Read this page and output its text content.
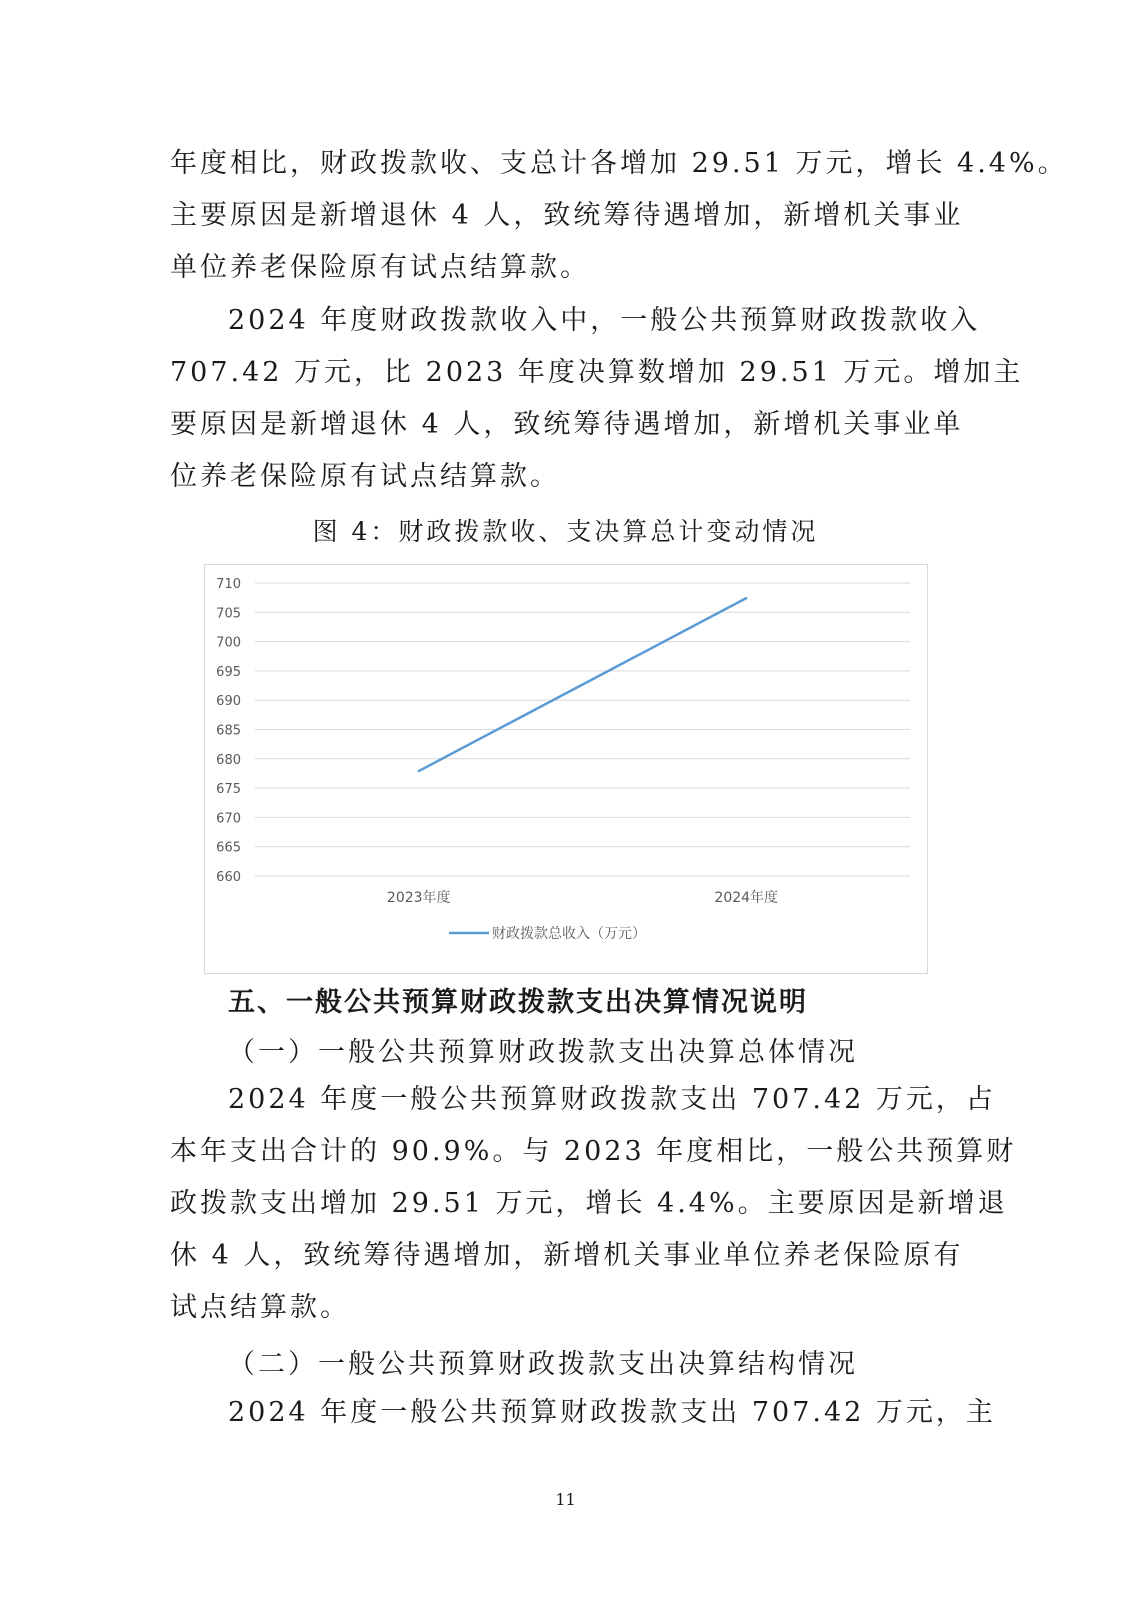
年度相比，财政拨款收、支总计各增加 29.51 万元，增长 4.4%。
主要原因是新增退休 4 人，致统筹待遇增加，新增机关事业
单位养老保险原有试点结算款。
2024 年度财政拨款收入中，一般公共预算财政拨款收入
707.42 万元，比 2023 年度决算数增加 29.51 万元。增加主
要原因是新增退休 4 人，致统筹待遇增加，新增机关事业单
位养老保险原有试点结算款。
图 4：财政拨款收、支决算总计变动情况
660
665
670
675
680
685
690
695
700
705
710
2023年度	2024年度
财政拨款总收入（万元）
五、一般公共预算财政拨款支出决算情况说明
（一）一般公共预算财政拨款支出决算总体情况
2024 年度一般公共预算财政拨款支出 707.42 万元，占
本年支出合计的 90.9%。与 2023 年度相比，一般公共预算财
政拨款支出增加 29.51 万元，增长 4.4%。主要原因是新增退
休 4 人，致统筹待遇增加，新增机关事业单位养老保险原有
试点结算款。
（二）一般公共预算财政拨款支出决算结构情况
2024 年度一般公共预算财政拨款支出 707.42 万元，主
11
